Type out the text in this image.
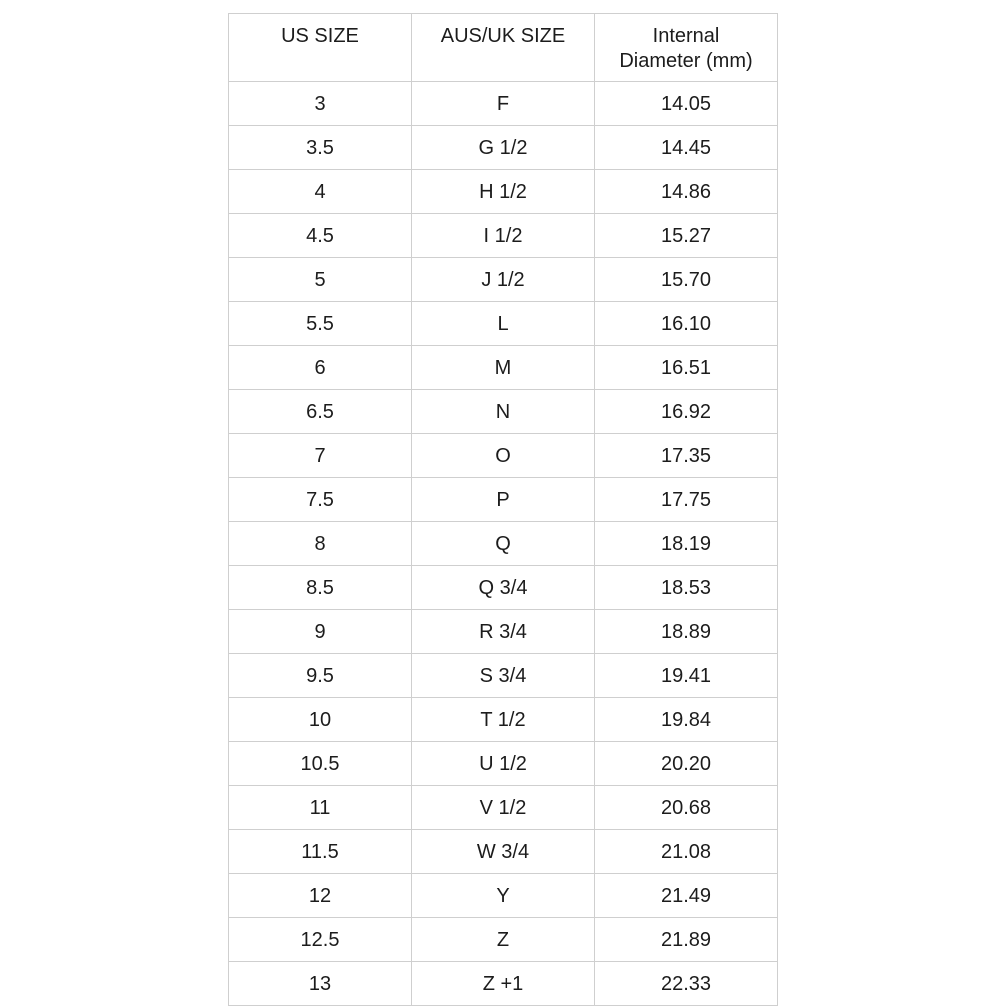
US SIZE	AUS/UK SIZE	Internal
Diameter (mm)

3	F	14.05
3.5	G 1/2	14.45
4	H 1/2	14.86
4.5	I 1/2	15.27
5	J 1/2	15.70
5.5	L	16.10
6	M	16.51
6.5	N	16.92
7	O	17.35
7.5	P	17.75
8	Q	18.19
8.5	Q 3/4	18.53
9	R 3/4	18.89
9.5	S 3/4	19.41
10	T 1/2	19.84
10.5	U 1/2	20.20
11	V 1/2	20.68
11.5	W 3/4	21.08
12	Y	21.49
12.5	Z	21.89
13	Z +1	22.33
